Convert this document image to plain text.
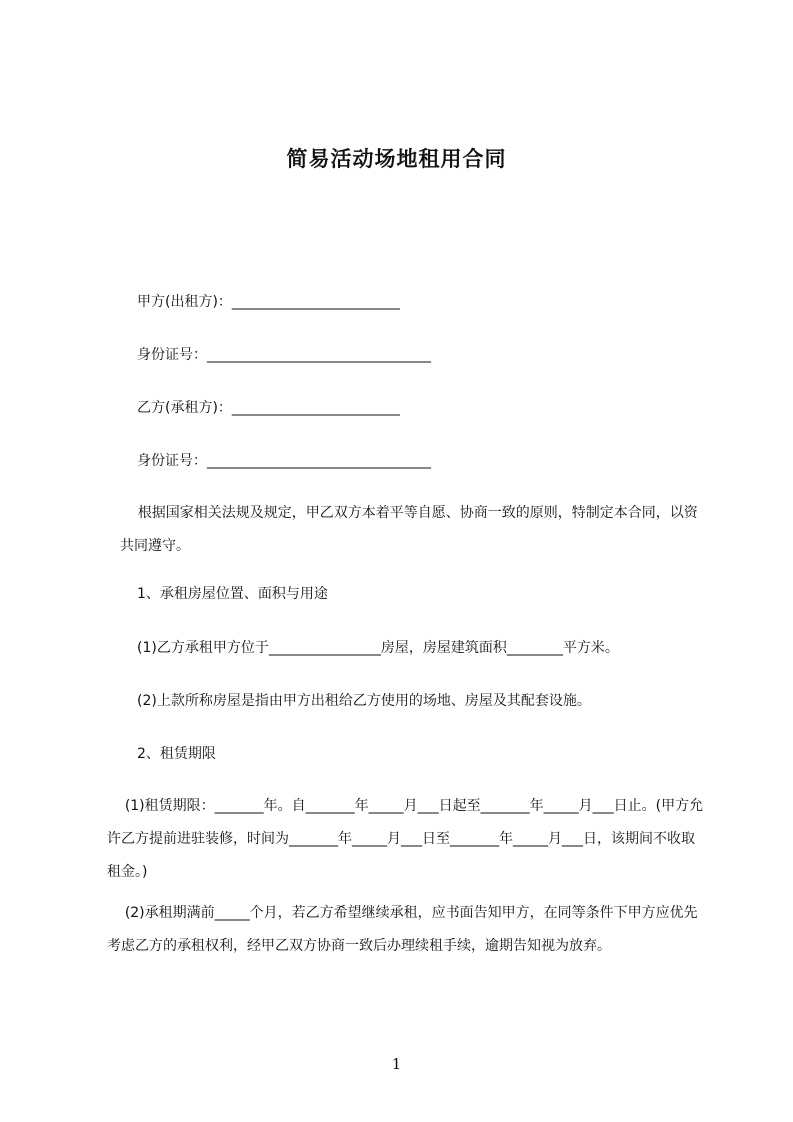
简易活动场地租用合同
甲方(出租方)：________________________
身份证号：________________________________
乙方(承租方)：________________________
身份证号：________________________________
根据国家相关法规及规定，甲乙双方本着平等自愿、协商一致的原则，特制定本合同，以资共同遵守。
1、承租房屋位置、面积与用途
(1)乙方承租甲方位于________________房屋，房屋建筑面积________平方米。
(2)上款所称房屋是指由甲方出租给乙方使用的场地、房屋及其配套设施。
2、租赁期限
(1)租赁期限：_______年。自_______年_____月___日起至_______年_____月___日止。(甲方允许乙方提前进驻装修，时间为_______年_____月___日至_______年_____月___日，该期间不收取租金。)
(2)承租期满前_____个月，若乙方希望继续承租，应书面告知甲方，在同等条件下甲方应优先考虑乙方的承租权利，经甲乙双方协商一致后办理续租手续，逾期告知视为放弃。
1
